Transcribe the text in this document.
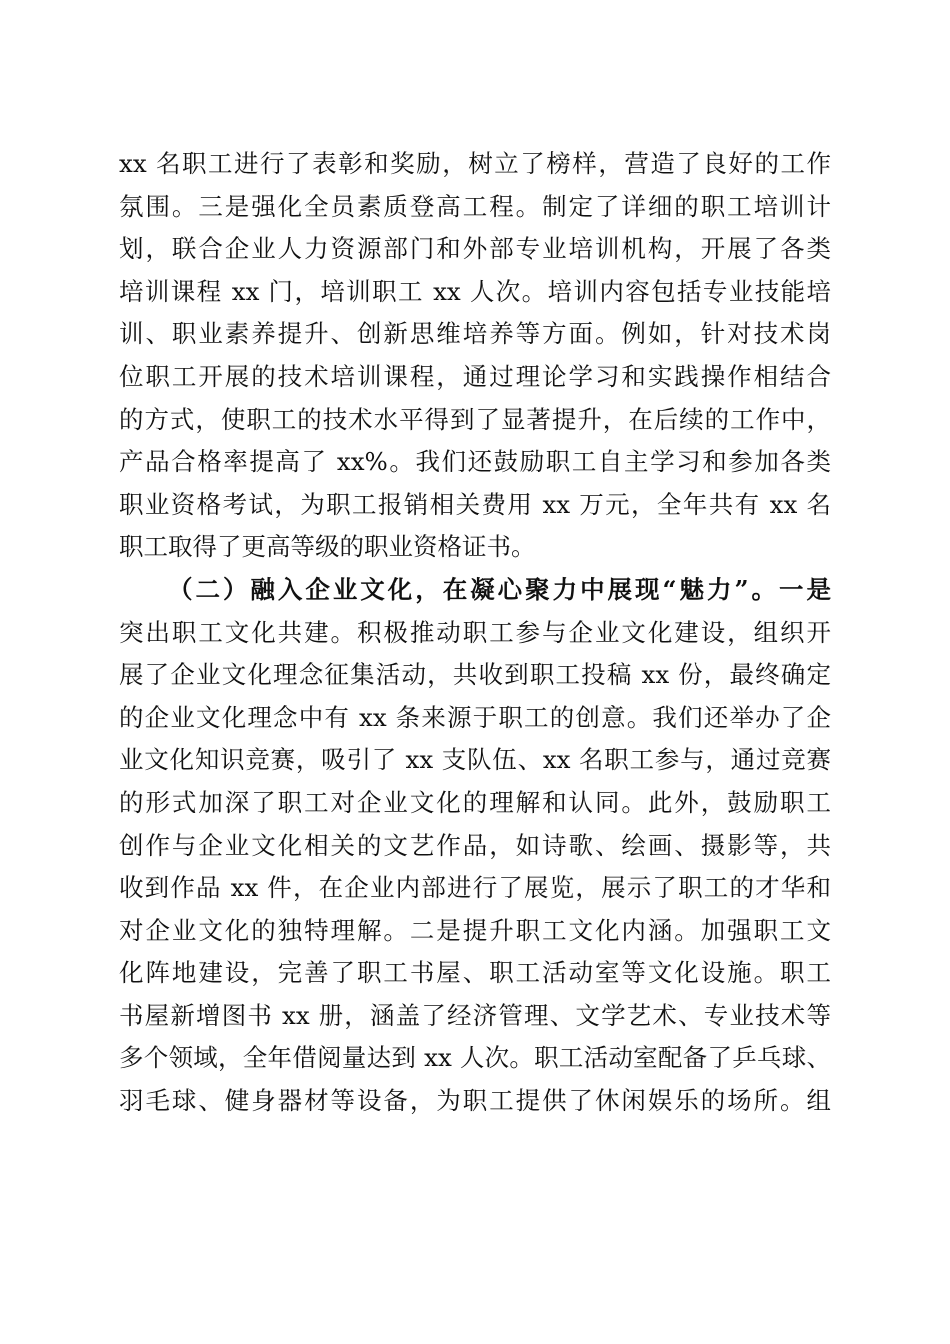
xx 名职工进行了表彰和奖励，树立了榜样，营造了良好的工作
氛围。三是强化全员素质登高工程。制定了详细的职工培训计
划，联合企业人力资源部门和外部专业培训机构，开展了各类
培训课程 xx 门，培训职工 xx 人次。培训内容包括专业技能培
训、职业素养提升、创新思维培养等方面。例如，针对技术岗
位职工开展的技术培训课程，通过理论学习和实践操作相结合
的方式，使职工的技术水平得到了显著提升，在后续的工作中，
产品合格率提高了 xx%。我们还鼓励职工自主学习和参加各类
职业资格考试，为职工报销相关费用 xx 万元，全年共有 xx 名
职工取得了更高等级的职业资格证书。
（二）融入企业文化，在凝心聚力中展现“魅力”。一是
突出职工文化共建。积极推动职工参与企业文化建设，组织开
展了企业文化理念征集活动，共收到职工投稿 xx 份，最终确定
的企业文化理念中有 xx 条来源于职工的创意。我们还举办了企
业文化知识竞赛，吸引了 xx 支队伍、xx 名职工参与，通过竞赛
的形式加深了职工对企业文化的理解和认同。此外，鼓励职工
创作与企业文化相关的文艺作品，如诗歌、绘画、摄影等，共
收到作品 xx 件，在企业内部进行了展览，展示了职工的才华和
对企业文化的独特理解。二是提升职工文化内涵。加强职工文
化阵地建设，完善了职工书屋、职工活动室等文化设施。职工
书屋新增图书 xx 册，涵盖了经济管理、文学艺术、专业技术等
多个领域，全年借阅量达到 xx 人次。职工活动室配备了乒乓球、
羽毛球、健身器材等设备，为职工提供了休闲娱乐的场所。组
